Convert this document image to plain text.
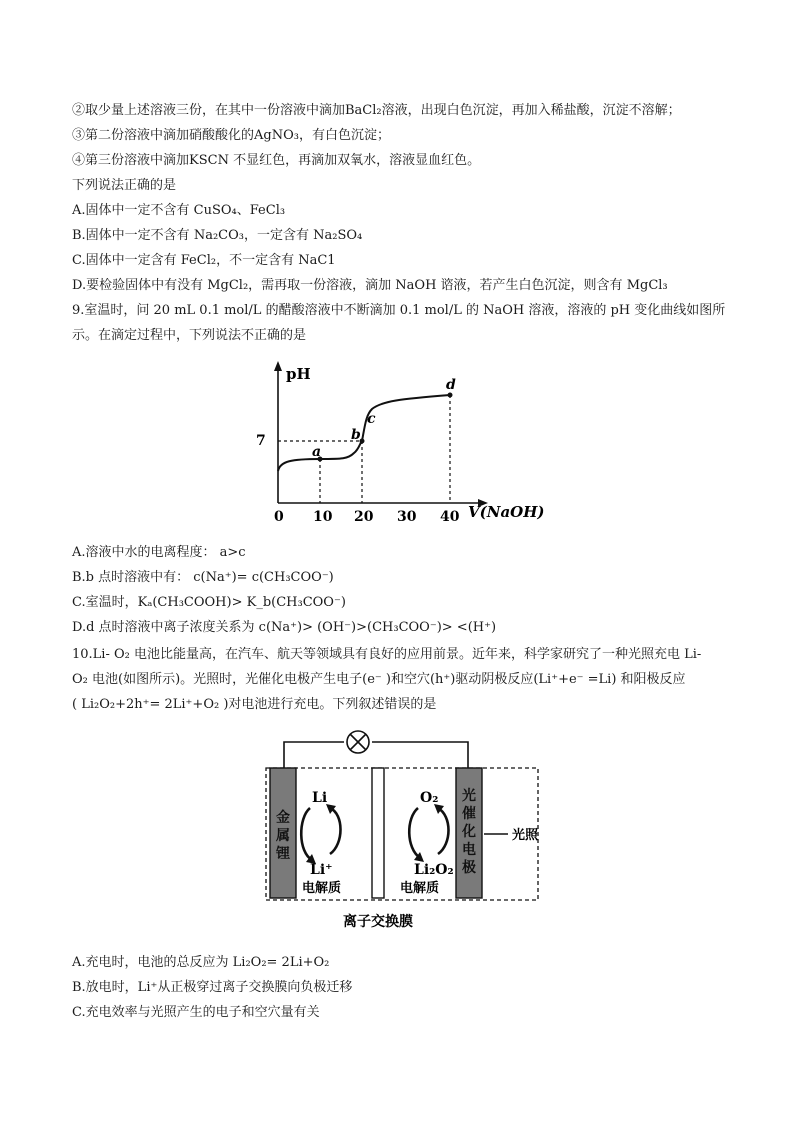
②取少量上述溶液三份，在其中一份溶液中滴加BaCl₂溶液，出现白色沉淀，再加入稀盐酸，沉淀不溶解；
③第二份溶液中滴加硝酸酸化的AgNO₃，有白色沉淀；
④第三份溶液中滴加KSCN 不显红色，再滴加双氧水，溶液显血红色。
下列说法正确的是
A.固体中一定不含有 CuSO₄、FeCl₃
B.固体中一定不含有 Na₂CO₃，一定含有 Na₂SO₄
C.固体中一定含有 FeCl₂，不一定含有 NaC1
D.要检验固体中有没有 MgCl₂，需再取一份溶液，滴加 NaOH 谘液，若产生白色沉淀，则含有 MgCl₃
9.室温时，问 20 mL 0.1 mol/L 的醋酸溶液中不断滴加 0.1 mol/L 的 NaOH 溶液，溶液的 pH 变化曲线如图所
示。在滴定过程中，下列说法不正确的是
pH
7
V(NaOH)
0 10 20 30 40
a
b
c
d
A.溶液中水的电离程度： a>c
B.b 点时溶液中有： c(Na⁺)= c(CH₃COO⁻)
C.室温时，Kₐ(CH₃COOH)> K_b(CH₃COO⁻)
D.d 点时溶液中离子浓度关系为 c(Na⁺)> (OH⁻)>(CH₃COO⁻)> <(H⁺)
10.Li- O₂ 电池比能量高，在汽车、航天等领域具有良好的应用前景。近年来，科学家研究了一种光照充电 Li-
O₂ 电池(如图所示)。光照时，光催化电极产生电子(e⁻ )和空穴(h⁺)驱动阴极反应(Li⁺+e⁻ =Li) 和阳极反应
( Li₂O₂+2h⁺= 2Li⁺+O₂ )对电池进行充电。下列叙述错误的是
金
属
锂
光
催
化
电
极
Li
Li⁺
电解质
O₂
Li₂O₂
电解质
光照
离子交换膜
A.充电时，电池的总反应为 Li₂O₂= 2Li+O₂
B.放电时，Li⁺从正极穿过离子交换膜向负极迁移
C.充电效率与光照产生的电子和空穴量有关
